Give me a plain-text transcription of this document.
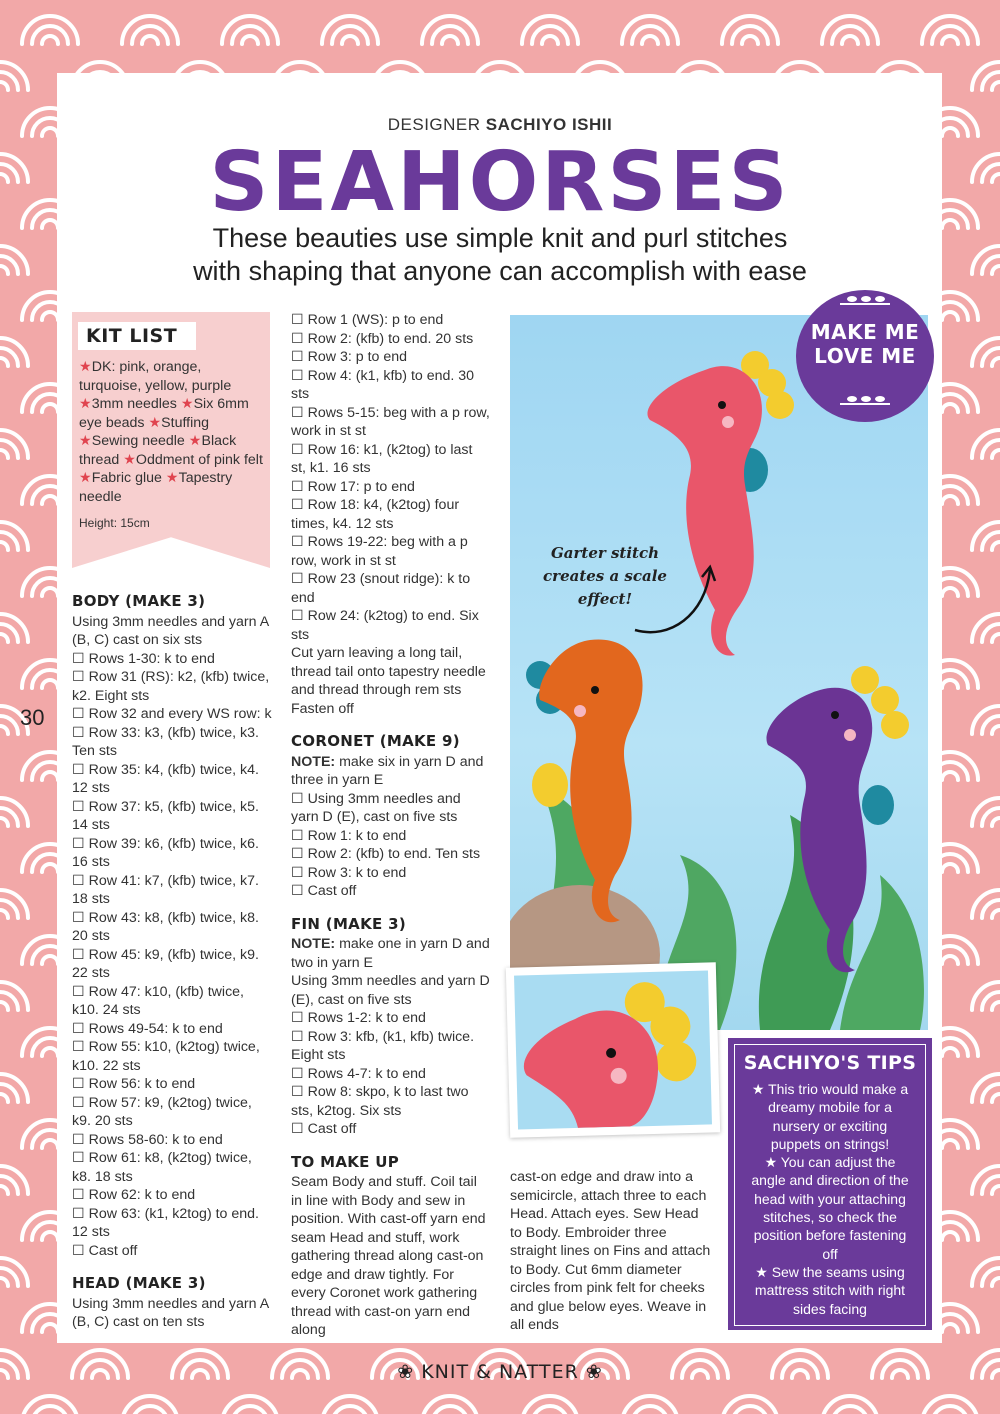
30
DESIGNER SACHIYO ISHII
SEAHORSES
These beauties use simple knit and purl stitches
with shaping that anyone can accomplish with ease
KIT LIST
★DK: pink, orange, turquoise, yellow, purple ★3mm needles ★Six 6mm eye beads ★Stuffing ★Sewing needle ★Black thread ★Oddment of pink felt ★Fabric glue ★Tapestry needle
Height: 15cm

BODY (MAKE 3)

Using 3mm needles and yarn A (B, C) cast on six sts

☐ Rows 1-30: k to end

☐ Row 31 (RS): k2, (kfb) twice, k2. Eight sts

☐ Row 32 and every WS row: k

☐ Row 33: k3, (kfb) twice, k3. Ten sts

☐ Row 35: k4, (kfb) twice, k4. 12 sts

☐ Row 37: k5, (kfb) twice, k5. 14 sts

☐ Row 39: k6, (kfb) twice, k6. 16 sts

☐ Row 41: k7, (kfb) twice, k7. 18 sts

☐ Row 43: k8, (kfb) twice, k8. 20 sts

☐ Row 45: k9, (kfb) twice, k9. 22 sts

☐ Row 47: k10, (kfb) twice, k10. 24 sts

☐ Rows 49-54: k to end

☐ Row 55: k10, (k2tog) twice, k10. 22 sts

☐ Row 56: k to end

☐ Row 57: k9, (k2tog) twice, k9. 20 sts

☐ Rows 58-60: k to end

☐ Row 61: k8, (k2tog) twice, k8. 18 sts

☐ Row 62: k to end

☐ Row 63: (k1, k2tog) to end. 12 sts

☐ Cast off

HEAD (MAKE 3)

Using 3mm needles and yarn A (B, C) cast on ten sts

☐ Row 1 (WS): p to end

☐ Row 2: (kfb) to end. 20 sts

☐ Row 3: p to end

☐ Row 4: (k1, kfb) to end. 30 sts

☐ Rows 5-15: beg with a p row, work in st st

☐ Row 16: k1, (k2tog) to last st, k1. 16 sts

☐ Row 17: p to end

☐ Row 18: k4, (k2tog) four times, k4. 12 sts

☐ Rows 19-22: beg with a p row, work in st st

☐ Row 23 (snout ridge): k to end

☐ Row 24: (k2tog) to end. Six sts

Cut yarn leaving a long tail, thread tail onto tapestry needle and thread through rem sts

Fasten off

CORONET (MAKE 9)

NOTE: make six in yarn D and three in yarn E

☐ Using 3mm needles and yarn D (E), cast on five sts

☐ Row 1: k to end

☐ Row 2: (kfb) to end. Ten sts

☐ Row 3: k to end

☐ Cast off

FIN (MAKE 3)

NOTE: make one in yarn D and two in yarn E

Using 3mm needles and yarn D (E), cast on five sts

☐ Rows 1-2: k to end

☐ Row 3: kfb, (k1, kfb) twice. Eight sts

☐ Rows 4-7: k to end

☐ Row 8: skpo, k to last two sts, k2tog. Six sts

☐ Cast off

TO MAKE UP

Seam Body and stuff. Coil tail in line with Body and sew in position. With cast-off yarn end seam Head and stuff, work gathering thread along cast-on edge and draw tightly. For every Coronet work gathering thread with cast-on yarn end along

cast-on edge and draw into a semicircle, attach three to each Head. Attach eyes. Sew Head to Body. Embroider three straight lines on Fins and attach to Body. Cut 6mm diameter circles from pink felt for cheeks and glue below eyes. Weave in all ends

MAKE ME
LOVE ME
Garter stitch creates a scale effect!
SACHIYO'S TIPS
★ This trio would make a dreamy mobile for a nursery or exciting puppets on strings!
★ You can adjust the angle and direction of the head with your attaching stitches, so check the position before fastening off
★ Sew the seams using mattress stitch with right sides facing
❀ KNIT & NATTER ❀
